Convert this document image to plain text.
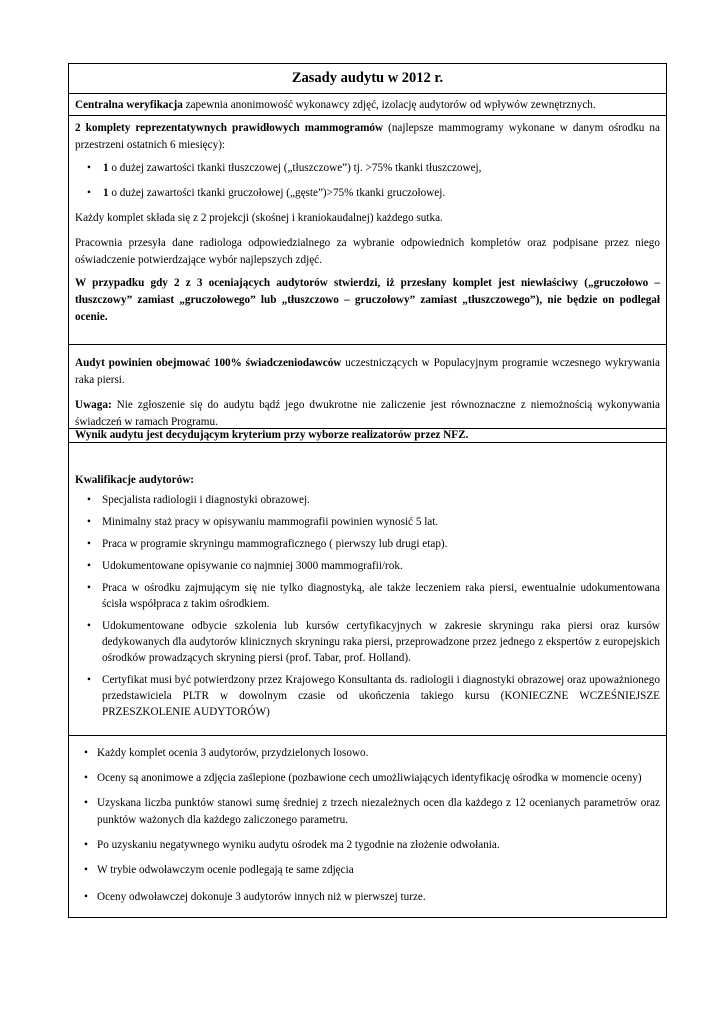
Zasady audytu w 2012 r.

Centralna weryfikacja zapewnia anonimowość wykonawcy zdjęć, izolację audytorów od wpływów zewnętrznych.

2 komplety reprezentatywnych prawidłowych mammogramów (najlepsze mammogramy wykonane w danym ośrodku na przestrzeni ostatnich 6 miesięcy):

• 1 o dużej zawartości tkanki tłuszczowej („tłuszczowe”) tj. >75% tkanki tłuszczowej,
• 1 o dużej zawartości tkanki gruczołowej („gęste”)>75% tkanki gruczołowej.

Każdy komplet składa się z 2 projekcji (skośnej i kraniokaudalnej) każdego sutka.

Pracownia przesyła dane radiologa odpowiedzialnego za wybranie odpowiednich kompletów oraz podpisane przez niego oświadczenie potwierdzające wybór najlepszych zdjęć.

W przypadku gdy 2 z 3 oceniających audytorów stwierdzi, iż przesłany komplet jest niewłaściwy („gruczołowo – tłuszczowy” zamiast „gruczołowego” lub „tłuszczowo – gruczołowy” zamiast „tłuszczowego”), nie będzie on podlegał ocenie.

Audyt powinien obejmować 100% świadczeniodawców uczestniczących w Populacyjnym programie wczesnego wykrywania raka piersi.

Uwaga: Nie zgłoszenie się do audytu bądź jego dwukrotne nie zaliczenie jest równoznaczne z niemożnością wykonywania świadczeń w ramach Programu.

Wynik audytu jest decydującym kryterium przy wyborze realizatorów przez NFZ.

Kwalifikacje audytorów:

• Specjalista radiologii i diagnostyki obrazowej.
• Minimalny staż pracy w opisywaniu mammografii powinien wynosić 5 lat.
• Praca w programie skryningu mammograficznego ( pierwszy lub drugi etap).
• Udokumentowane opisywanie co najmniej 3000 mammografii/rok.
• Praca w ośrodku zajmującym się nie tylko diagnostyką, ale także leczeniem raka piersi, ewentualnie udokumentowana ścisła współpraca z takim ośrodkiem.
• Udokumentowane odbycie szkolenia lub kursów certyfikacyjnych w zakresie skryningu raka piersi oraz kursów dedykowanych dla audytorów klinicznych skryningu raka piersi, przeprowadzone przez jednego z ekspertów z europejskich ośrodków prowadzących skryning piersi (prof. Tabar, prof. Holland).
• Certyfikat musi być potwierdzony przez Krajowego Konsultanta ds. radiologii i diagnostyki obrazowej oraz upoważnionego przedstawiciela PLTR w dowolnym czasie od ukończenia takiego kursu (KONIECZNE WCZEŚNIEJSZE PRZESZKOLENIE AUDYTORÓW)
• Każdy komplet ocenia 3 audytorów, przydzielonych losowo.
• Oceny są anonimowe a zdjęcia zaślepione (pozbawione cech umożliwiających identyfikację ośrodka w momencie oceny)
• Uzyskana liczba punktów stanowi sumę średniej z trzech niezależnych ocen dla każdego z 12 ocenianych parametrów oraz punktów ważonych dla każdego zaliczonego parametru.
• Po uzyskaniu negatywnego wyniku audytu ośrodek ma 2 tygodnie na złożenie odwołania.
• W trybie odwoławczym ocenie podlegają te same zdjęcia
• Oceny odwoławczej dokonuje 3 audytorów innych niż w pierwszej turze.
